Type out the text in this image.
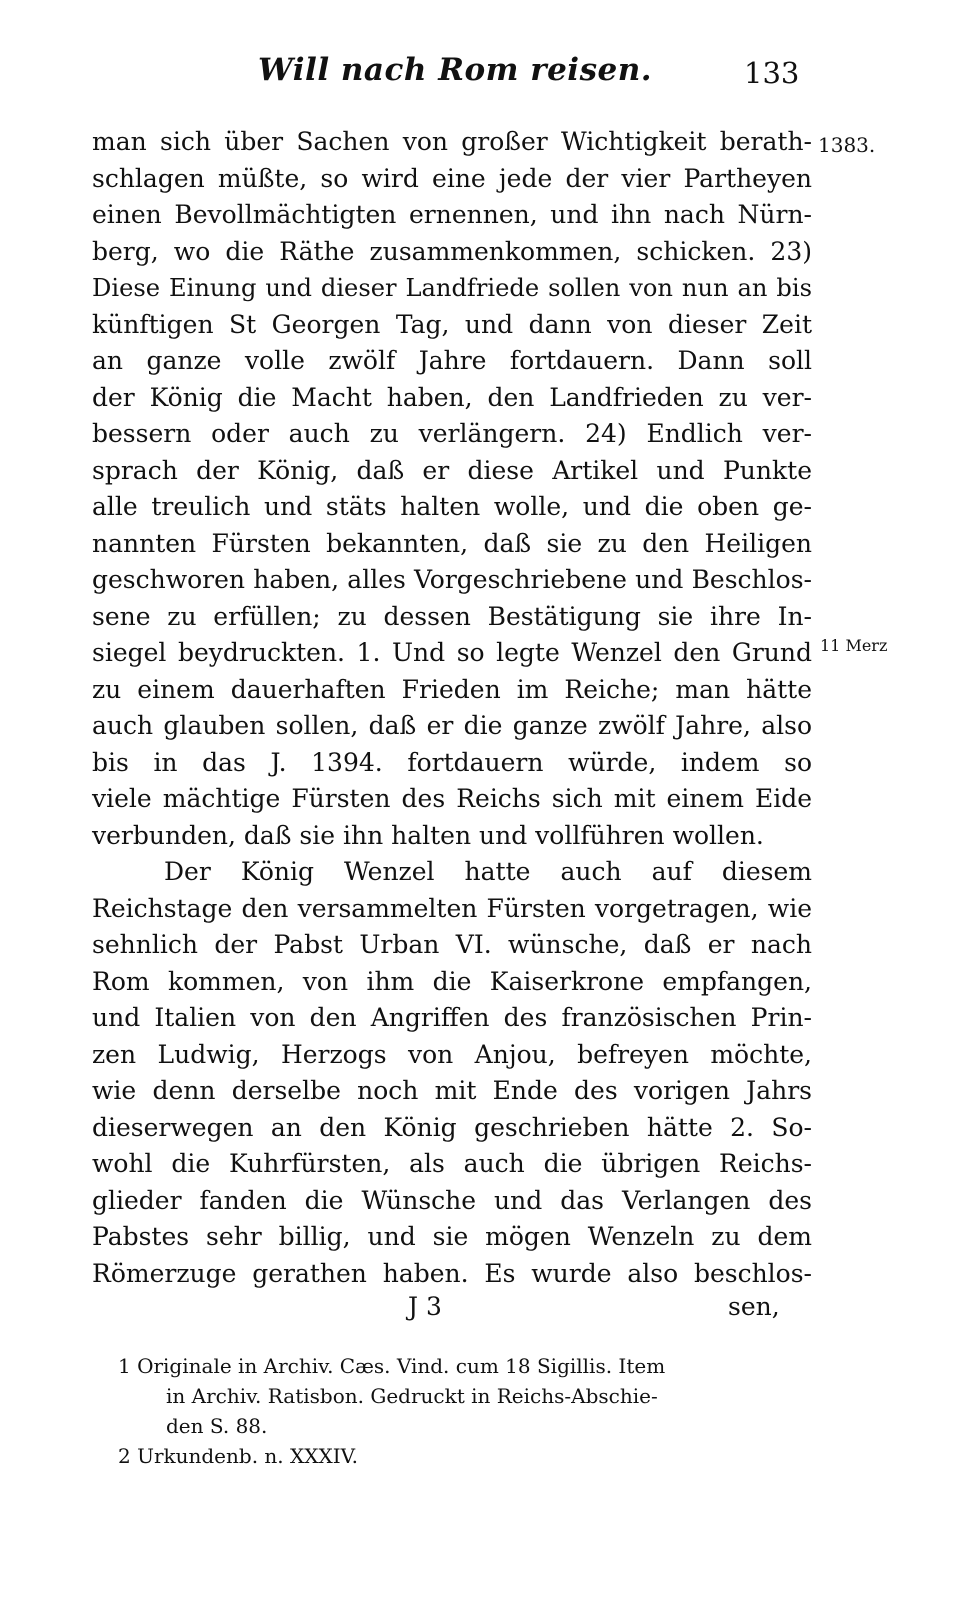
Will nach Rom reisen.	133
1383.
11 Merz
man sich über Sachen von großer Wichtigkeit berath-
schlagen müßte, so wird eine jede der vier Partheyen
einen Bevollmächtigten ernennen, und ihn nach Nürn-
berg, wo die Räthe zusammenkommen, schicken. 23)
Diese Einung und dieser Landfriede sollen von nun an bis
künftigen St Georgen Tag, und dann von dieser Zeit
an ganze volle zwölf Jahre fortdauern. Dann soll
der König die Macht haben, den Landfrieden zu ver-
bessern oder auch zu verlängern. 24) Endlich ver-
sprach der König, daß er diese Artikel und Punkte
alle treulich und stäts halten wolle, und die oben ge-
nannten Fürsten bekannten, daß sie zu den Heiligen
geschworen haben, alles Vorgeschriebene und Beschlos-
sene zu erfüllen; zu dessen Bestätigung sie ihre In-
siegel beydruckten. 1. Und so legte Wenzel den Grund
zu einem dauerhaften Frieden im Reiche; man hätte
auch glauben sollen, daß er die ganze zwölf Jahre, also
bis in das J. 1394. fortdauern würde, indem so
viele mächtige Fürsten des Reichs sich mit einem Eide
verbunden, daß sie ihn halten und vollführen wollen.
Der König Wenzel hatte auch auf diesem
Reichstage den versammelten Fürsten vorgetragen, wie
sehnlich der Pabst Urban VI. wünsche, daß er nach
Rom kommen, von ihm die Kaiserkrone empfangen,
und Italien von den Angriffen des französischen Prin-
zen Ludwig, Herzogs von Anjou, befreyen möchte,
wie denn derselbe noch mit Ende des vorigen Jahrs
dieserwegen an den König geschrieben hätte 2. So-
wohl die Kuhrfürsten, als auch die übrigen Reichs-
glieder fanden die Wünsche und das Verlangen des
Pabstes sehr billig, und sie mögen Wenzeln zu dem
Römerzuge gerathen haben. Es wurde also beschlos-
J 3	sen,
1 Originale in Archiv. Cæs. Vind. cum 18 Sigillis. Item
in Archiv. Ratisbon. Gedruckt in Reichs-Abschie-
den S. 88.
2 Urkundenb. n. XXXIV.
